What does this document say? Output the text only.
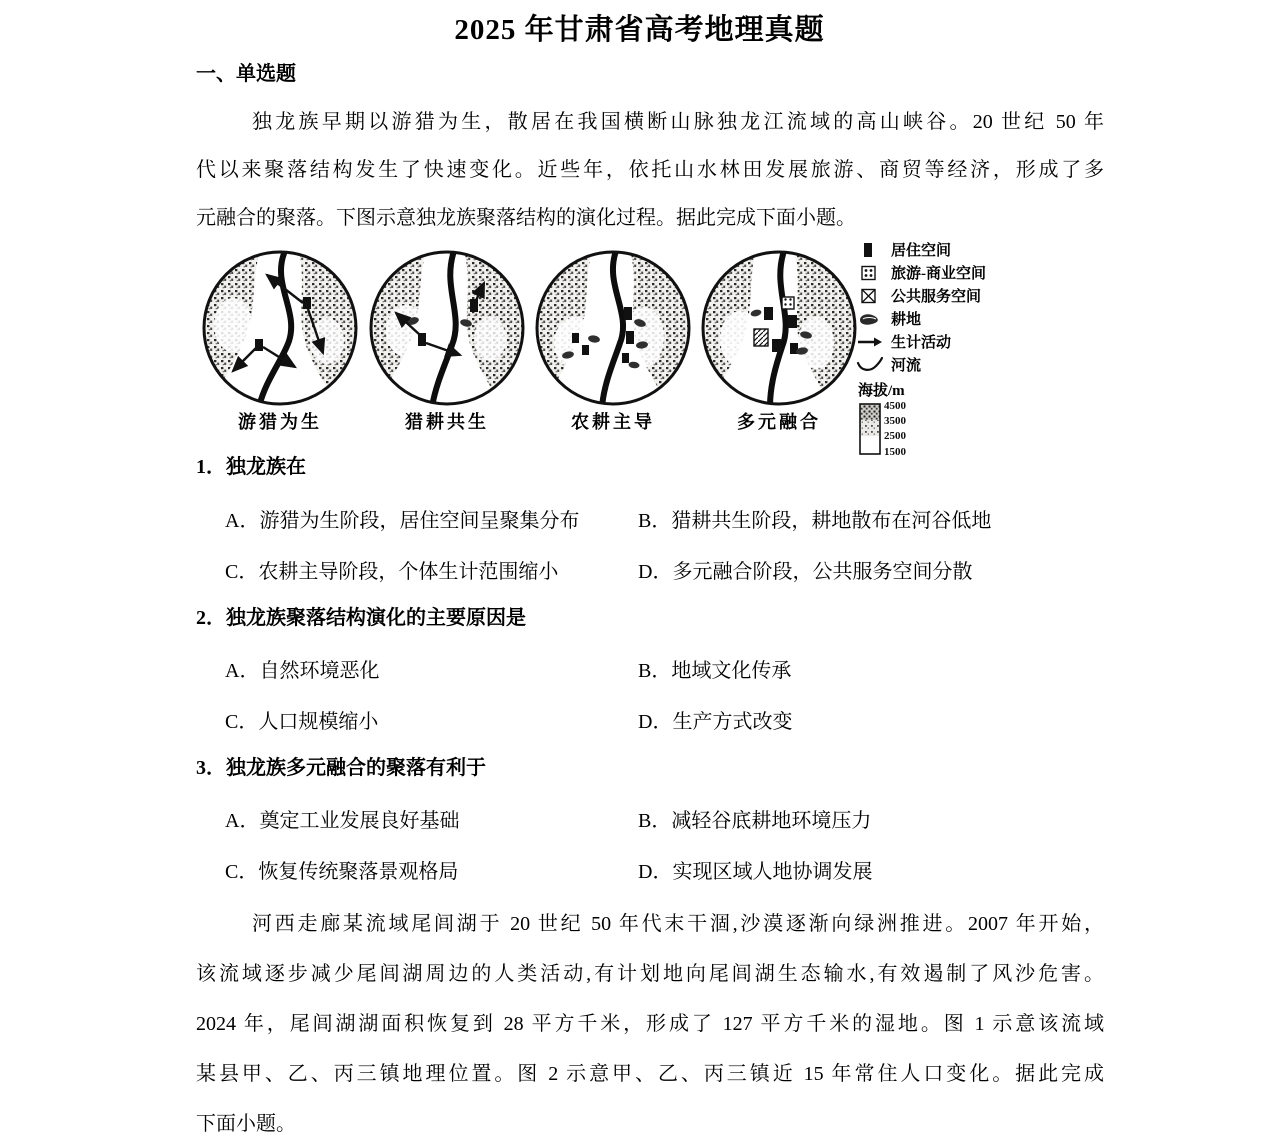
2025 年甘肃省高考地理真题
一、单选题
独龙族早期以游猎为生，散居在我国横断山脉独龙江流域的高山峡谷。20 世纪 50 年
代以来聚落结构发生了快速变化。近些年，依托山水林田发展旅游、商贸等经济，形成了多
元融合的聚落。下图示意独龙族聚落结构的演化过程。据此完成下面小题。
游猎为生	猎耕共生	农耕主导	多元融合
居住空间
旅游-商业空间
公共服务空间
耕地
生计活动
河流
海拔/m
4500
3500
2500
1500
1．独龙族在
A．游猎为生阶段，居住空间呈聚集分布	B．猎耕共生阶段，耕地散布在河谷低地
C．农耕主导阶段，个体生计范围缩小	D．多元融合阶段，公共服务空间分散
2．独龙族聚落结构演化的主要原因是
A．自然环境恶化	B．地域文化传承
C．人口规模缩小	D．生产方式改变
3．独龙族多元融合的聚落有利于
A．奠定工业发展良好基础	B．减轻谷底耕地环境压力
C．恢复传统聚落景观格局	D．实现区域人地协调发展
河西走廊某流域尾闾湖于 20 世纪 50 年代末干涸,沙漠逐渐向绿洲推进。2007 年开始，
该流域逐步减少尾闾湖周边的人类活动,有计划地向尾闾湖生态输水,有效遏制了风沙危害。
2024 年，尾闾湖湖面积恢复到 28 平方千米，形成了 127 平方千米的湿地。图 1 示意该流域
某县甲、乙、丙三镇地理位置。图 2 示意甲、乙、丙三镇近 15 年常住人口变化。据此完成
下面小题。
